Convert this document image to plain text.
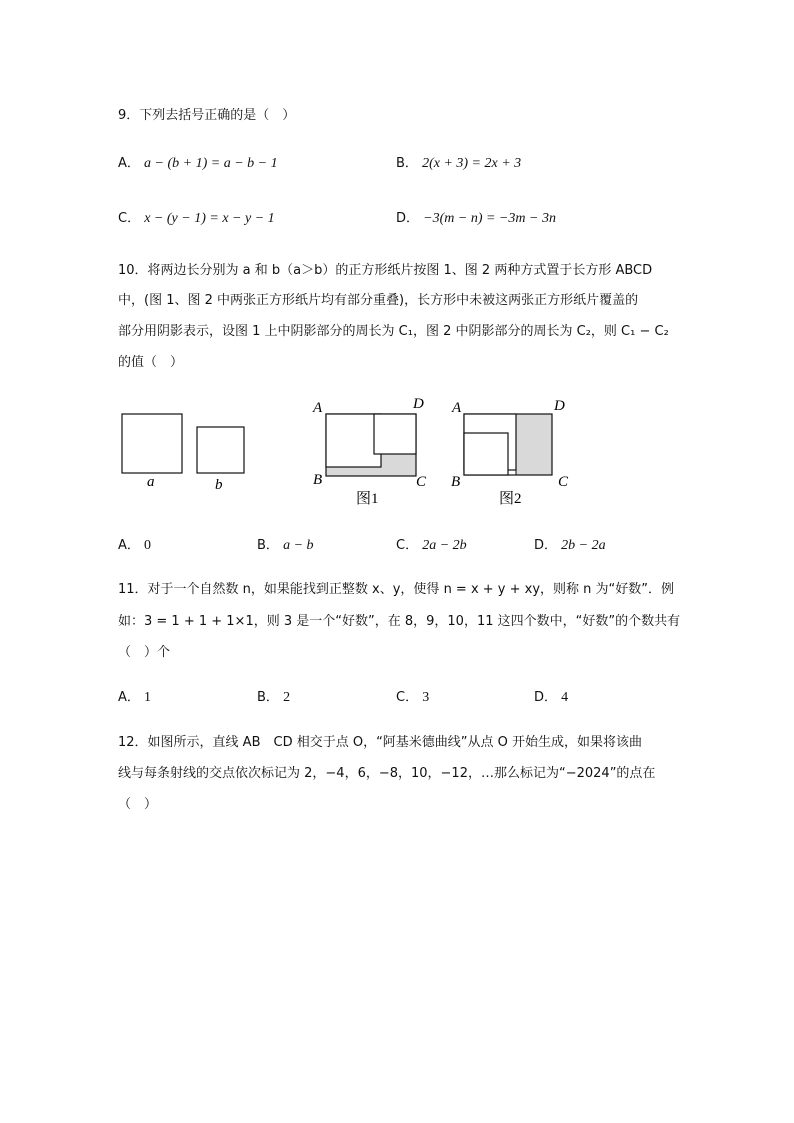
9．下列去括号正确的是（　）
A． a − (b + 1) = a − b − 1	B． 2(x + 3) = 2x + 3
C． x − (y − 1) = x − y − 1	D． −3(m − n) = −3m − 3n
10．将两边长分别为 a 和 b（a＞b）的正方形纸片按图 1、图 2 两种方式置于长方形 ABCD
中，(图 1、图 2 中两张正方形纸片均有部分重叠)，长方形中未被这两张正方形纸片覆盖的
部分用阴影表示，设图 1 上中阴影部分的周长为 C₁，图 2 中阴影部分的周长为 C₂，则 C₁ − C₂
的值（　）
a	b
A	D
B	C
图1
A	D
B	C
图2
A． 0	B． a − b	C． 2a − 2b	D． 2b − 2a
11．对于一个自然数 n，如果能找到正整数 x、y，使得 n = x + y + xy，则称 n 为“好数”．例
如：3 = 1 + 1 + 1×1，则 3 是一个“好数”，在 8，9，10，11 这四个数中，“好数”的个数共有
（　）个
A． 1	B． 2	C． 3	D． 4
12．如图所示，直线 AB　CD 相交于点 O，“阿基米德曲线”从点 O 开始生成，如果将该曲
线与每条射线的交点依次标记为 2，−4，6，−8，10，−12，…那么标记为“−2024”的点在
（　）
